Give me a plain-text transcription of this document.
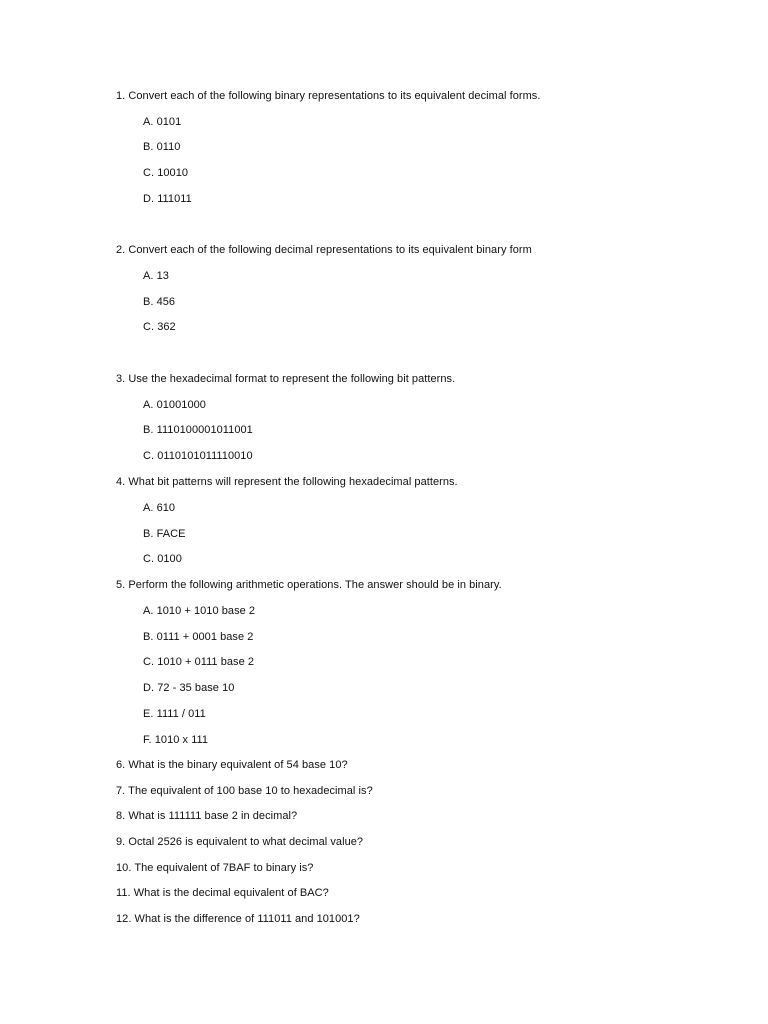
1. Convert each of the following binary representations to its equivalent decimal forms.
A. 0101
B. 0110
C. 10010
D. 111011
2. Convert each of the following decimal representations to its equivalent binary form
A. 13
B. 456
C. 362
3. Use the hexadecimal format to represent the following bit patterns.
A. 01001000
B. 1110100001011001
C. 0110101011110010
4. What bit patterns will represent the following hexadecimal patterns.
A. 610
B. FACE
C. 0100
5. Perform the following arithmetic operations. The answer should be in binary.
A. 1010 + 1010 base 2
B. 0111 + 0001 base 2
C. 1010 + 0111 base 2
D. 72 - 35 base 10
E. 1111 / 011
F. 1010 x 111
6. What is the binary equivalent of 54 base 10?
7. The equivalent of 100 base 10 to hexadecimal is?
8. What is 111111 base 2 in decimal?
9. Octal 2526 is equivalent to what decimal value?
10. The equivalent of 7BAF to binary is?
11. What is the decimal equivalent of BAC?
12. What is the difference of 111011 and 101001?
